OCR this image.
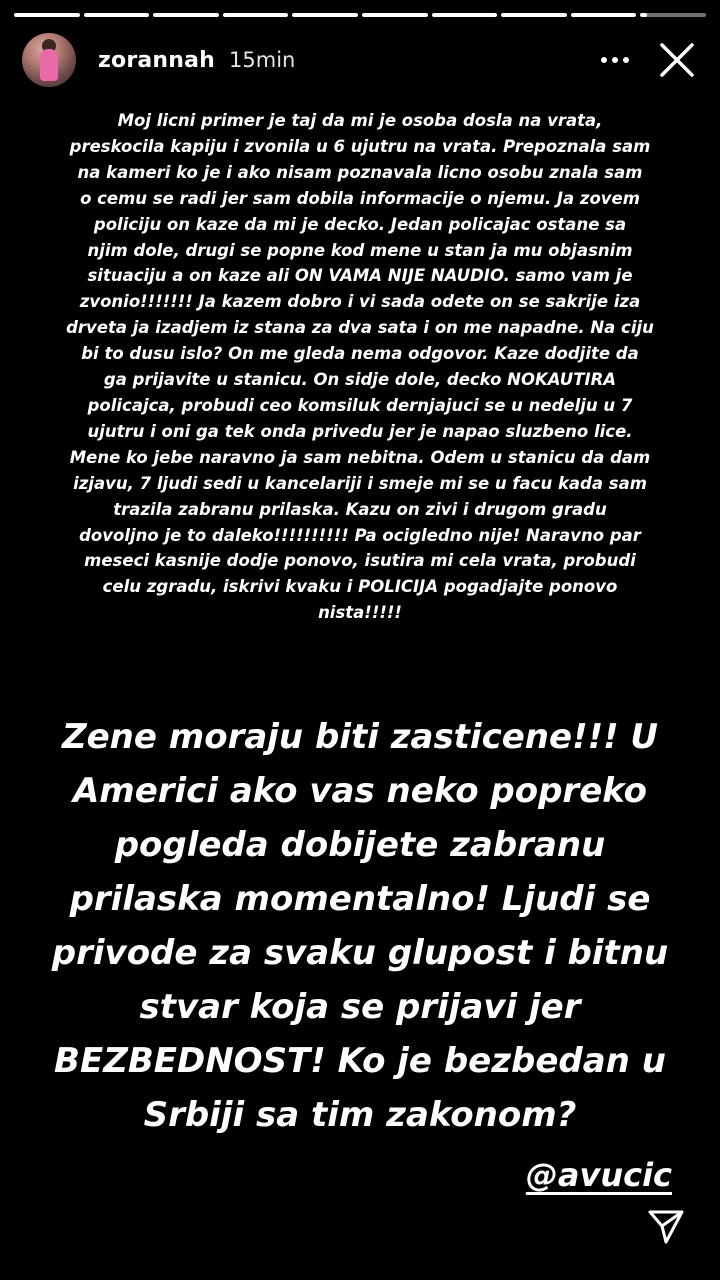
zorannah 15min
Moj licni primer je taj da mi je osoba dosla na vrata,
preskocila kapiju i zvonila u 6 ujutru na vrata. Prepoznala sam
na kameri ko je i ako nisam poznavala licno osobu znala sam
o cemu se radi jer sam dobila informacije o njemu. Ja zovem
policiju on kaze da mi je decko. Jedan policajac ostane sa
njim dole, drugi se popne kod mene u stan ja mu objasnim
situaciju a on kaze ali ON VAMA NIJE NAUDIO. samo vam je
zvonio!!!!!!! Ja kazem dobro i vi sada odete on se sakrije iza
drveta ja izadjem iz stana za dva sata i on me napadne. Na ciju
bi to dusu islo? On me gleda nema odgovor. Kaze dodjite da
ga prijavite u stanicu. On sidje dole, decko NOKAUTIRA
policajca, probudi ceo komsiluk dernjajuci se u nedelju u 7
ujutru i oni ga tek onda privedu jer je napao sluzbeno lice.
Mene ko jebe naravno ja sam nebitna. Odem u stanicu da dam
izjavu, 7 ljudi sedi u kancelariji i smeje mi se u facu kada sam
trazila zabranu prilaska. Kazu on zivi i drugom gradu
dovoljno je to daleko!!!!!!!!!! Pa ocigledno nije! Naravno par
meseci kasnije dodje ponovo, isutira mi cela vrata, probudi
celu zgradu, iskrivi kvaku i POLICIJA pogadjajte ponovo
nista!!!!!
Zene moraju biti zasticene!!! U
Americi ako vas neko popreko
pogleda dobijete zabranu
prilaska momentalno! Ljudi se
privode za svaku glupost i bitnu
stvar koja se prijavi jer
BEZBEDNOST! Ko je bezbedan u
Srbiji sa tim zakonom?
@avucic
